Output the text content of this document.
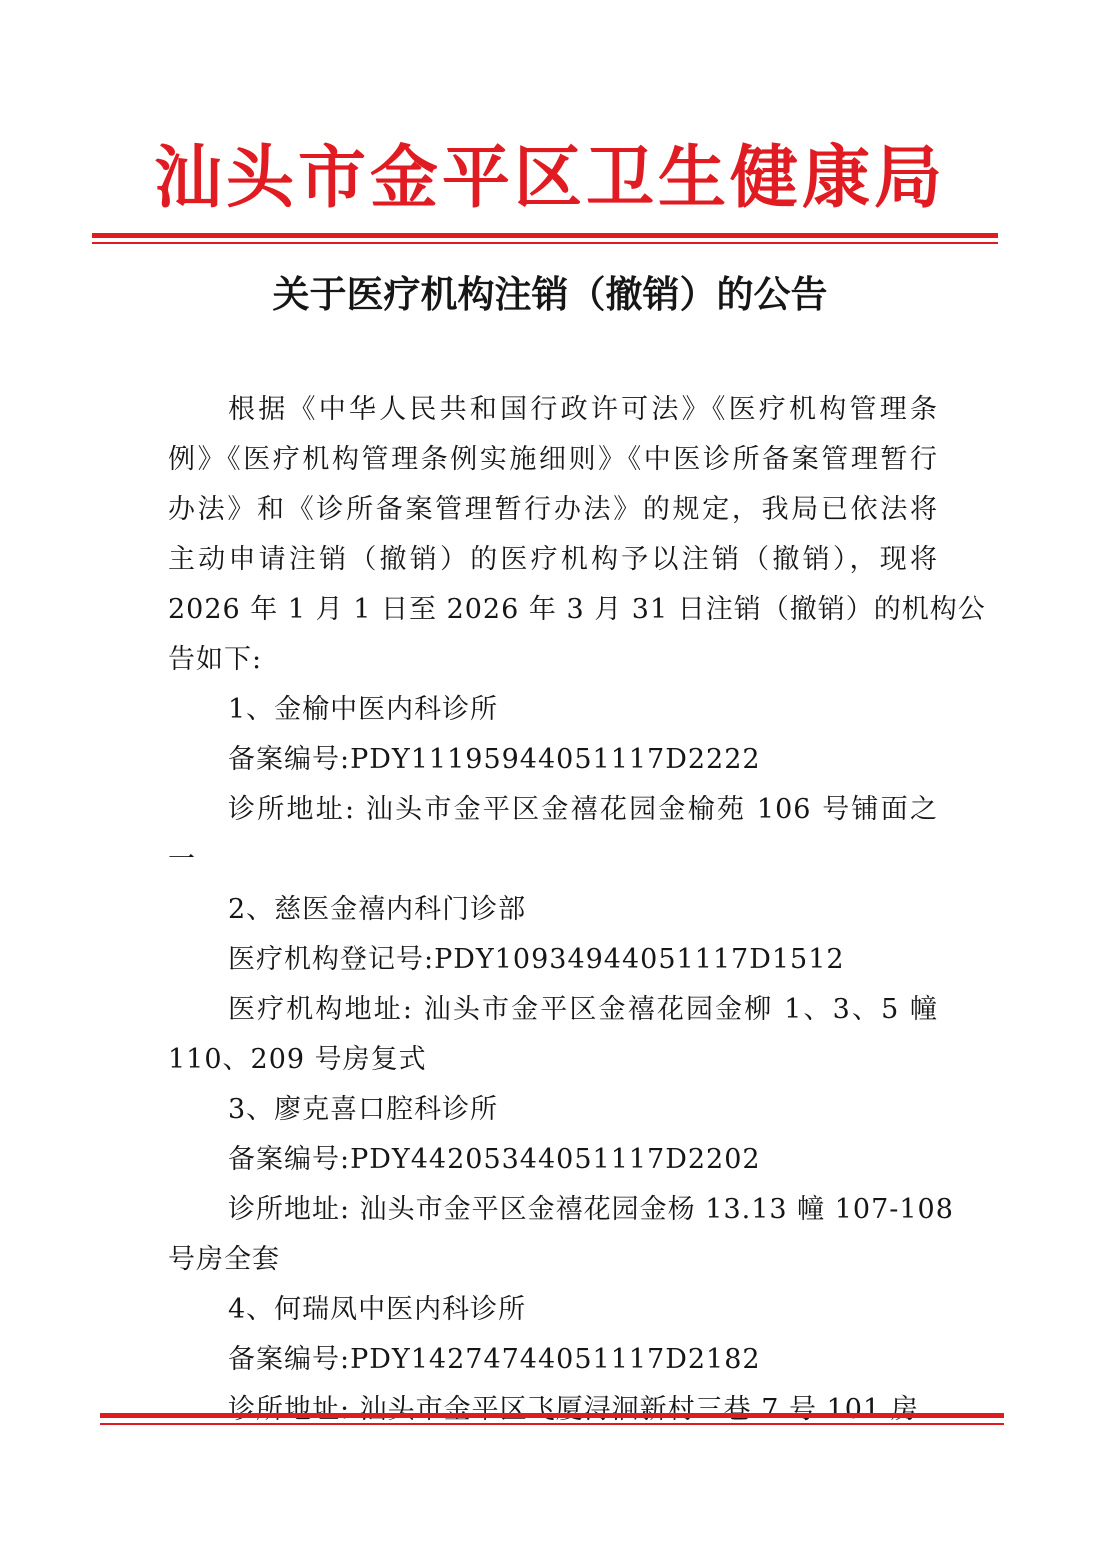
汕头市金平区卫生健康局
关于医疗机构注销（撤销）的公告
根据《中华人民共和国行政许可法》《医疗机构管理条
例》《医疗机构管理条例实施细则》《中医诊所备案管理暂行
办法》和《诊所备案管理暂行办法》的规定，我局已依法将
主动申请注销（撤销）的医疗机构予以注销（撤销），现将
2026 年 1 月 1 日至 2026 年 3 月 31 日注销（撤销）的机构公
告如下:
1、金榆中医内科诊所
备案编号:PDY11195944051117D2222
诊所地址: 汕头市金平区金禧花园金榆苑 106 号铺面之
一
2、慈医金禧内科门诊部
医疗机构登记号:PDY10934944051117D1512
医疗机构地址: 汕头市金平区金禧花园金柳 1、3、5 幢
110、209 号房复式
3、廖克喜口腔科诊所
备案编号:PDY44205344051117D2202
诊所地址: 汕头市金平区金禧花园金杨 13.13 幢 107-108
号房全套
4、何瑞凤中医内科诊所
备案编号:PDY14274744051117D2182
诊所地址: 汕头市金平区飞厦浔洄新村三巷 7 号 101 房
